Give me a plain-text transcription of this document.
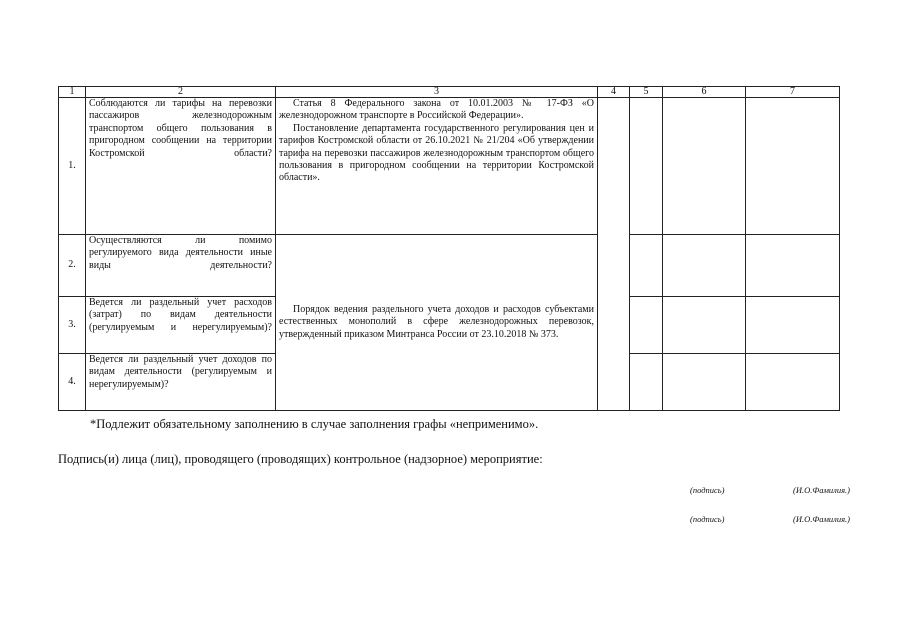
1	2	3	4	5	6	7
1.	Соблюдаются ли тарифы на перевозки пассажиров железнодорожным транспортом общего пользования в пригородном сообщении на территории Костромской области?	Статья 8 Федерального закона от 10.01.2003 № 17-ФЗ «О железнодорожном транспорте в Российской Федерации».

Постановление департамента государственного регулирования цен и тарифов Костромской области от 26.10.2021 № 21/204 «Об утверждении тарифа на перевозки пассажиров железнодорожным транспортом общего пользования в пригородном сообщении на территории Костромской области».				

2.	Осуществляются ли помимо регулируемого вида деятельности иные виды деятельности?	Порядок ведения раздельного учета доходов и расходов субъектами естественных монополий в сфере железнодорожных перевозок, утвержденный приказом Минтранса России от 23.10.2018 № 373.				

3.	Ведется ли раздельный учет расходов (затрат) по видам деятельности (регулируемым и нерегулируемым)?					
4.	Ведется ли раздельный учет доходов по видам деятельности (регулируемым и нерегулируемым)?					
*Подлежит обязательному заполнению в случае заполнения графы «неприменимо».
Подпись(и) лица (лиц), проводящего (проводящих) контрольное (надзорное) мероприятие:
(подпись)	(И.О.Фамилия.)
(подпись)	(И.О.Фамилия.)
